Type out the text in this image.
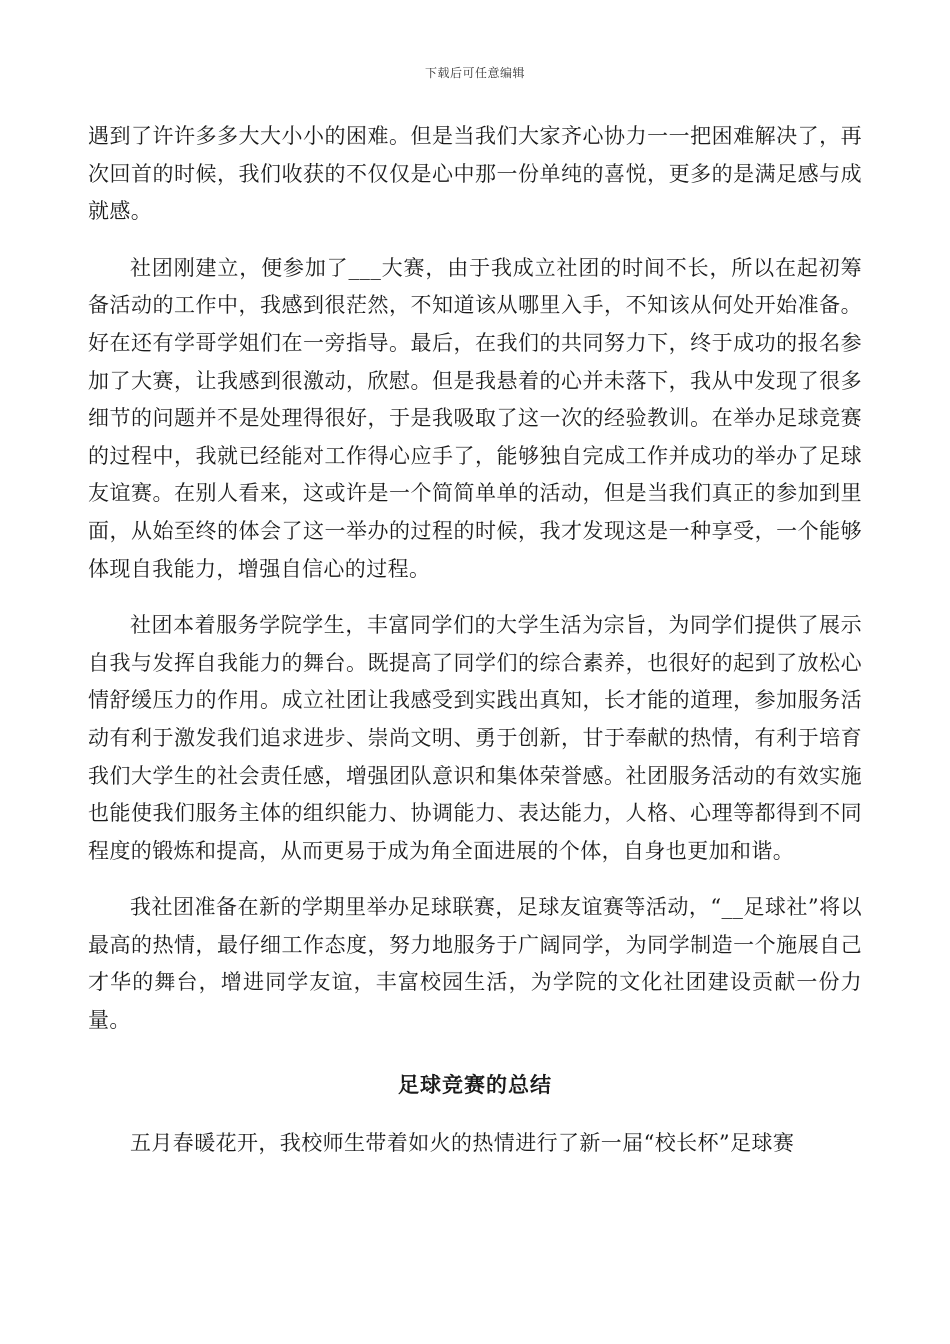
下载后可任意编辑

遇到了许许多多大大小小的困难。但是当我们大家齐心协力一一把困难解决了，再次回首的时候，我们收获的不仅仅是心中那一份单纯的喜悦，更多的是满足感与成就感。

社团刚建立，便参加了___大赛，由于我成立社团的时间不长，所以在起初筹备活动的工作中，我感到很茫然，不知道该从哪里入手，不知该从何处开始准备。好在还有学哥学姐们在一旁指导。最后，在我们的共同努力下，终于成功的报名参加了大赛，让我感到很激动，欣慰。但是我悬着的心并未落下，我从中发现了很多细节的问题并不是处理得很好，于是我吸取了这一次的经验教训。在举办足球竞赛的过程中，我就已经能对工作得心应手了，能够独自完成工作并成功的举办了足球友谊赛。在别人看来，这或许是一个简简单单的活动，但是当我们真正的参加到里面，从始至终的体会了这一举办的过程的时候，我才发现这是一种享受，一个能够体现自我能力，增强自信心的过程。

社团本着服务学院学生，丰富同学们的大学生活为宗旨，为同学们提供了展示自我与发挥自我能力的舞台。既提高了同学们的综合素养，也很好的起到了放松心情舒缓压力的作用。成立社团让我感受到实践出真知，长才能的道理，参加服务活动有利于激发我们追求进步、崇尚文明、勇于创新，甘于奉献的热情，有利于培育我们大学生的社会责任感，增强团队意识和集体荣誉感。社团服务活动的有效实施也能使我们服务主体的组织能力、协调能力、表达能力，人格、心理等都得到不同程度的锻炼和提高，从而更易于成为角全面进展的个体，自身也更加和谐。

我社团准备在新的学期里举办足球联赛，足球友谊赛等活动，“__足球社”将以最高的热情，最仔细工作态度，努力地服务于广阔同学，为同学制造一个施展自己才华的舞台，增进同学友谊，丰富校园生活，为学院的文化社团建设贡献一份力量。

足球竞赛的总结

五月春暖花开，我校师生带着如火的热情进行了新一届“校长杯”足球赛
